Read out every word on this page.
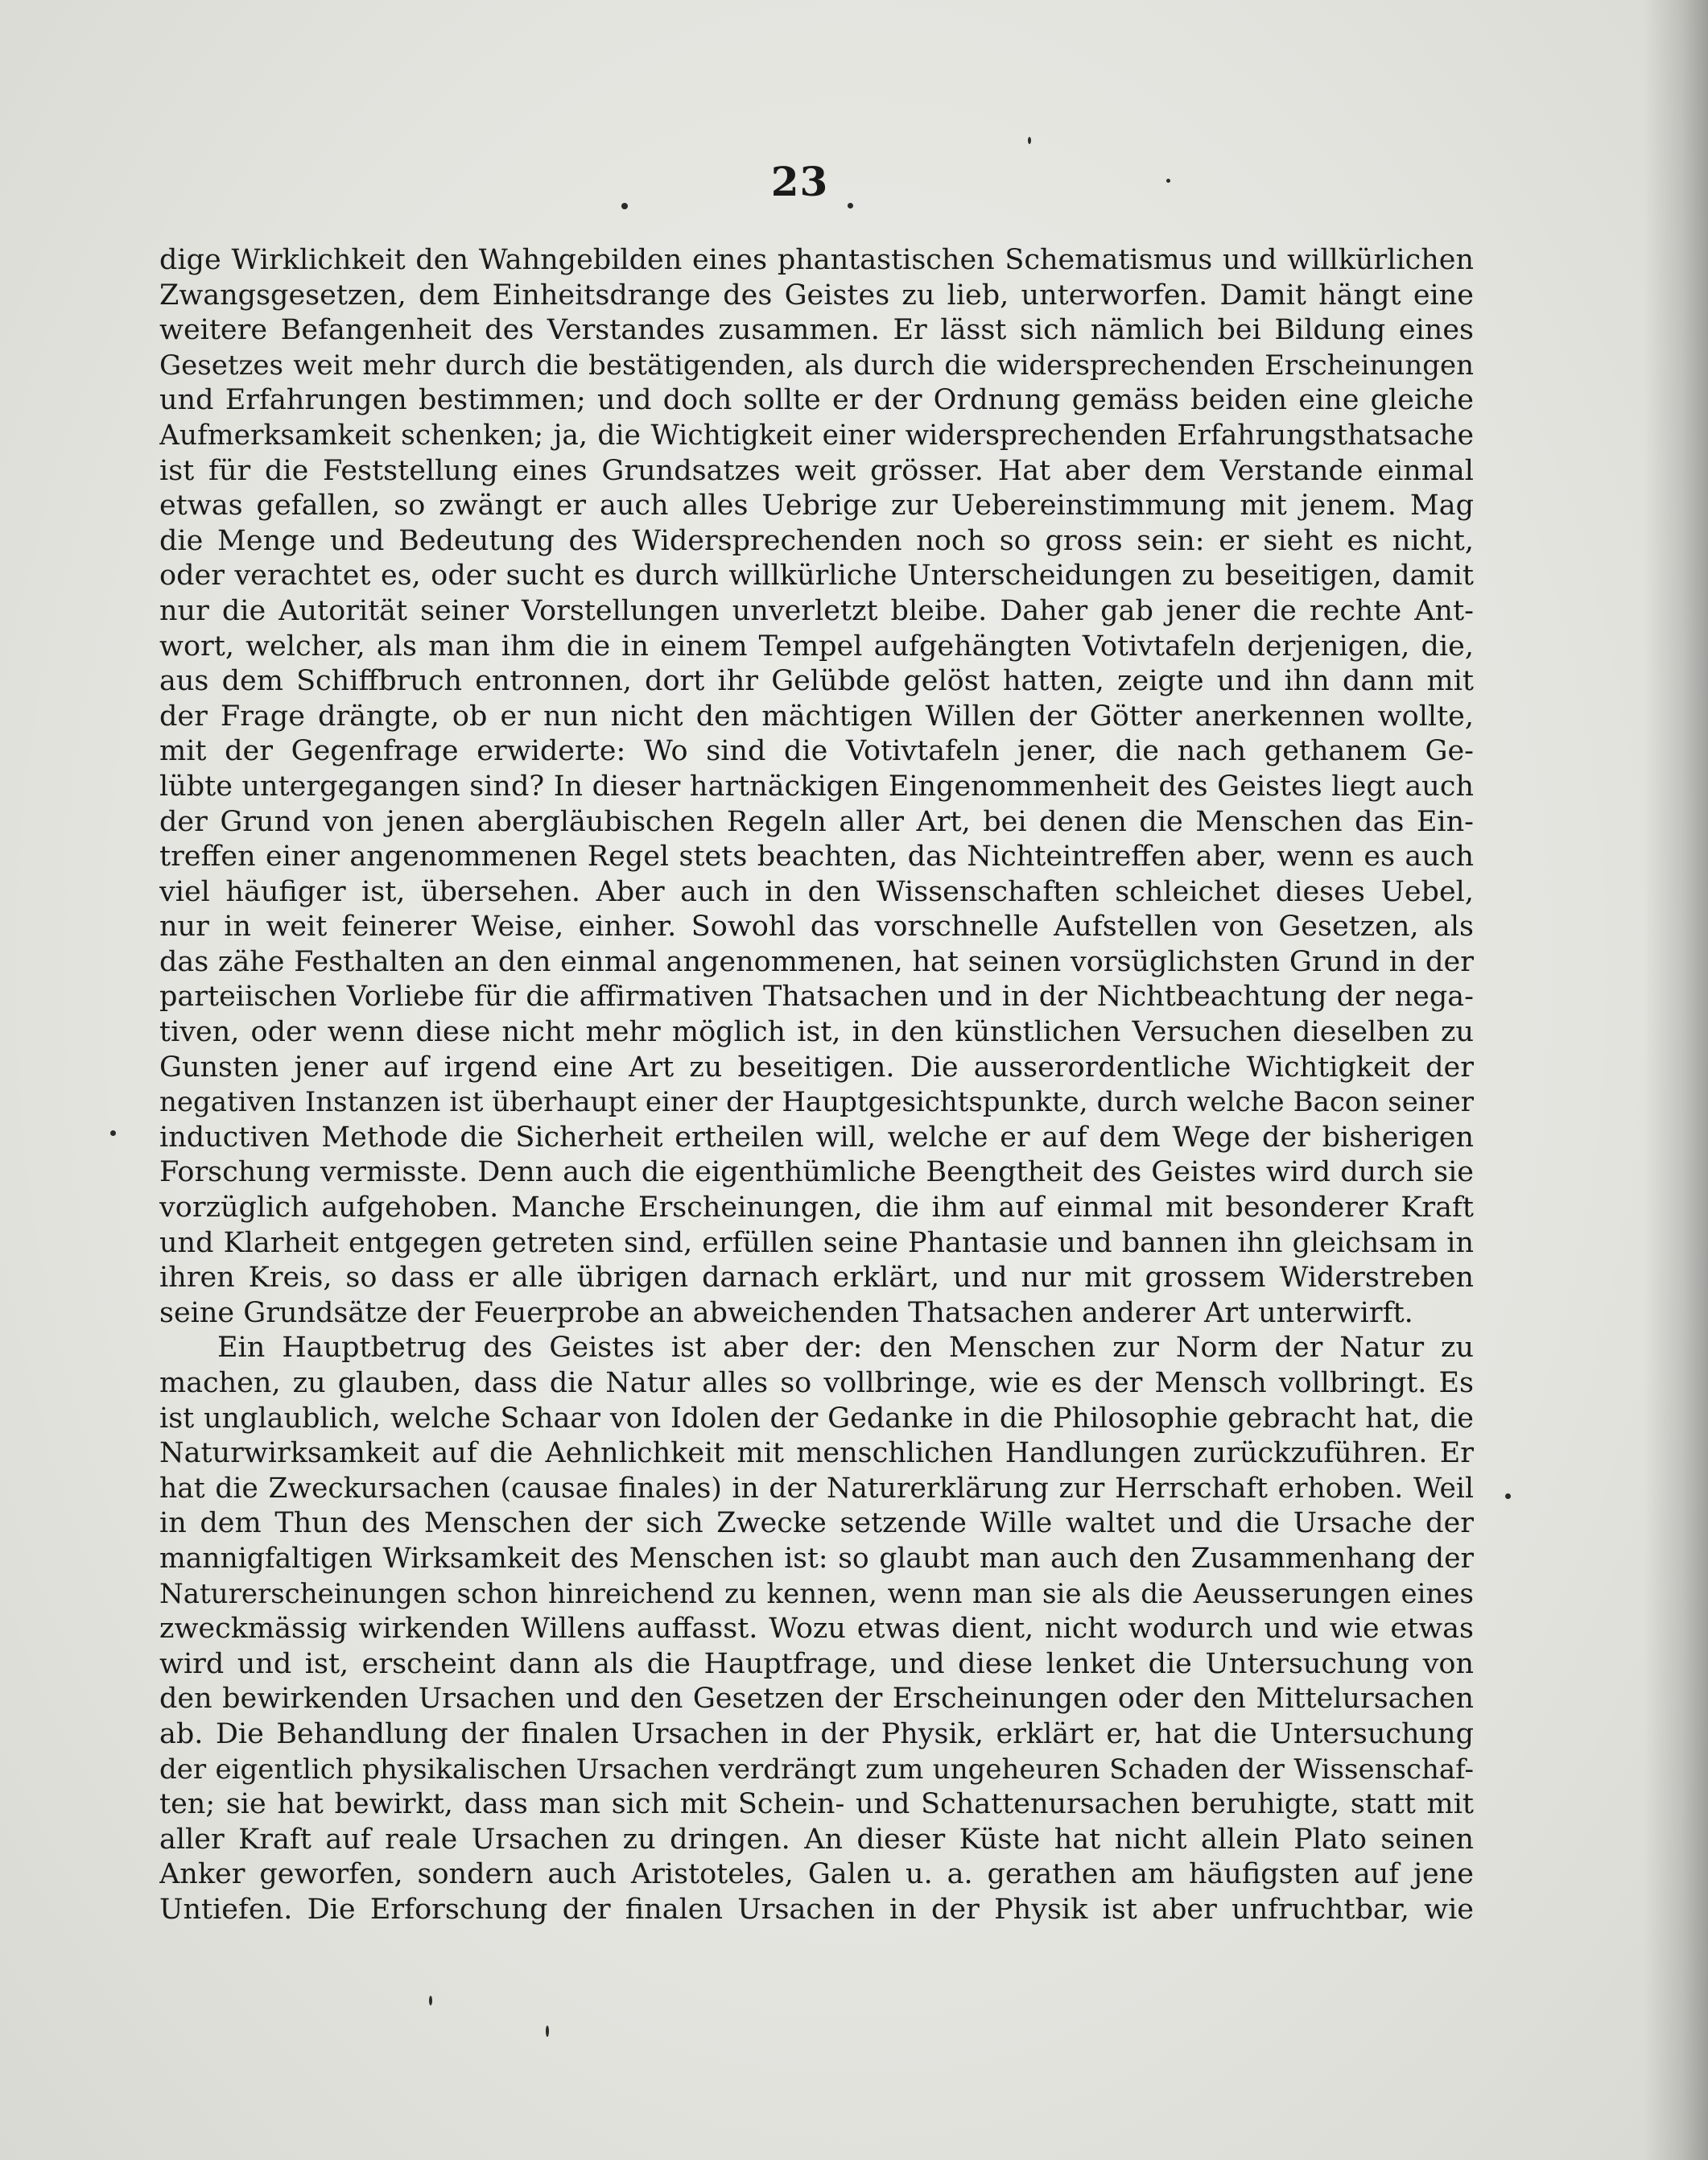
23
dige Wirklichkeit den Wahngebilden eines phantastischen Schematismus und willkürlichen
Zwangsgesetzen, dem Einheitsdrange des Geistes zu lieb, unterworfen. Damit hängt eine
weitere Befangenheit des Verstandes zusammen. Er lässt sich nämlich bei Bildung eines
Gesetzes weit mehr durch die bestätigenden, als durch die widersprechenden Erscheinungen
und Erfahrungen bestimmen; und doch sollte er der Ordnung gemäss beiden eine gleiche
Aufmerksamkeit schenken; ja, die Wichtigkeit einer widersprechenden Erfahrungsthatsache
ist für die Feststellung eines Grundsatzes weit grösser. Hat aber dem Verstande einmal
etwas gefallen, so zwängt er auch alles Uebrige zur Uebereinstimmung mit jenem. Mag
die Menge und Bedeutung des Widersprechenden noch so gross sein: er sieht es nicht,
oder verachtet es, oder sucht es durch willkürliche Unterscheidungen zu beseitigen, damit
nur die Autorität seiner Vorstellungen unverletzt bleibe. Daher gab jener die rechte Ant-
wort, welcher, als man ihm die in einem Tempel aufgehängten Votivtafeln derjenigen, die,
aus dem Schiffbruch entronnen, dort ihr Gelübde gelöst hatten, zeigte und ihn dann mit
der Frage drängte, ob er nun nicht den mächtigen Willen der Götter anerkennen wollte,
mit der Gegenfrage erwiderte: Wo sind die Votivtafeln jener, die nach gethanem Ge-
lübte untergegangen sind? In dieser hartnäckigen Eingenommenheit des Geistes liegt auch
der Grund von jenen abergläubischen Regeln aller Art, bei denen die Menschen das Ein-
treffen einer angenommenen Regel stets beachten, das Nichteintreffen aber, wenn es auch
viel häufiger ist, übersehen. Aber auch in den Wissenschaften schleichet dieses Uebel,
nur in weit feinerer Weise, einher. Sowohl das vorschnelle Aufstellen von Gesetzen, als
das zähe Festhalten an den einmal angenommenen, hat seinen vorsüglichsten Grund in der
parteiischen Vorliebe für die affirmativen Thatsachen und in der Nichtbeachtung der nega-
tiven, oder wenn diese nicht mehr möglich ist, in den künstlichen Versuchen dieselben zu
Gunsten jener auf irgend eine Art zu beseitigen. Die ausserordentliche Wichtigkeit der
negativen Instanzen ist überhaupt einer der Hauptgesichtspunkte, durch welche Bacon seiner
inductiven Methode die Sicherheit ertheilen will, welche er auf dem Wege der bisherigen
Forschung vermisste. Denn auch die eigenthümliche Beengtheit des Geistes wird durch sie
vorzüglich aufgehoben. Manche Erscheinungen, die ihm auf einmal mit besonderer Kraft
und Klarheit entgegen getreten sind, erfüllen seine Phantasie und bannen ihn gleichsam in
ihren Kreis, so dass er alle übrigen darnach erklärt, und nur mit grossem Widerstreben
seine Grundsätze der Feuerprobe an abweichenden Thatsachen anderer Art unterwirft.
Ein Hauptbetrug des Geistes ist aber der: den Menschen zur Norm der Natur zu
machen, zu glauben, dass die Natur alles so vollbringe, wie es der Mensch vollbringt. Es
ist unglaublich, welche Schaar von Idolen der Gedanke in die Philosophie gebracht hat, die
Naturwirksamkeit auf die Aehnlichkeit mit menschlichen Handlungen zurückzuführen. Er
hat die Zweckursachen (causae finales) in der Naturerklärung zur Herrschaft erhoben. Weil
in dem Thun des Menschen der sich Zwecke setzende Wille waltet und die Ursache der
mannigfaltigen Wirksamkeit des Menschen ist: so glaubt man auch den Zusammenhang der
Naturerscheinungen schon hinreichend zu kennen, wenn man sie als die Aeusserungen eines
zweckmässig wirkenden Willens auffasst. Wozu etwas dient, nicht wodurch und wie etwas
wird und ist, erscheint dann als die Hauptfrage, und diese lenket die Untersuchung von
den bewirkenden Ursachen und den Gesetzen der Erscheinungen oder den Mittelursachen
ab. Die Behandlung der finalen Ursachen in der Physik, erklärt er, hat die Untersuchung
der eigentlich physikalischen Ursachen verdrängt zum ungeheuren Schaden der Wissenschaf-
ten; sie hat bewirkt, dass man sich mit Schein- und Schattenursachen beruhigte, statt mit
aller Kraft auf reale Ursachen zu dringen. An dieser Küste hat nicht allein Plato seinen
Anker geworfen, sondern auch Aristoteles, Galen u. a. gerathen am häufigsten auf jene
Untiefen. Die Erforschung der finalen Ursachen in der Physik ist aber unfruchtbar, wie
